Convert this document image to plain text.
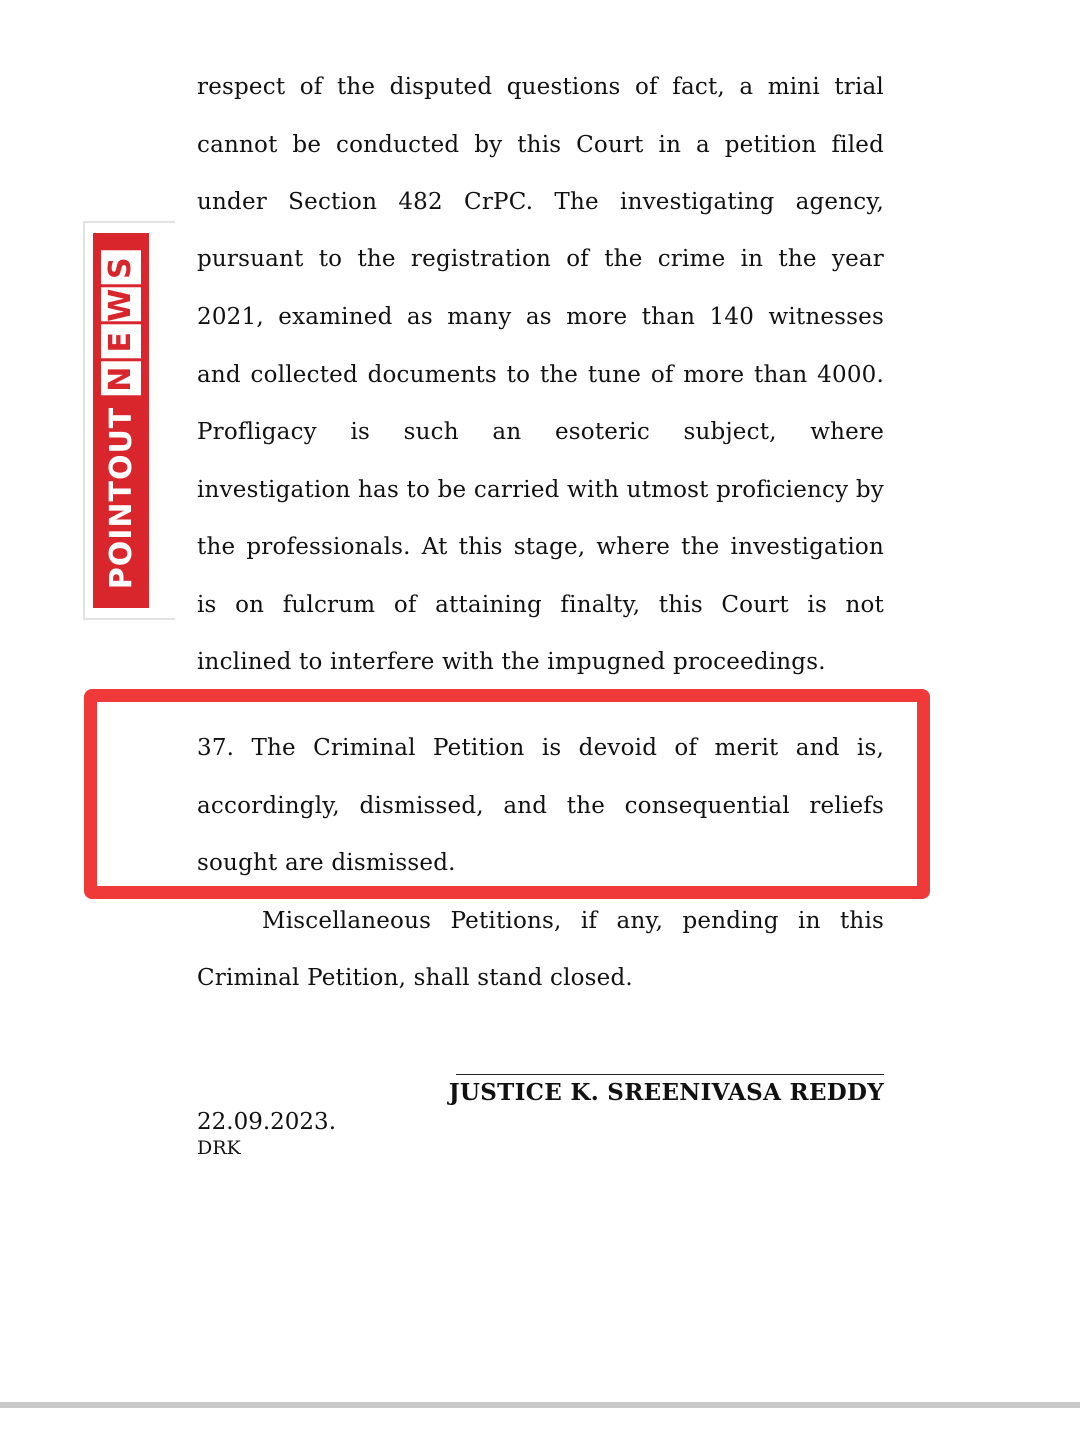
POINTOUT
N
E
W
S
respect of the disputed questions of fact, a mini trial
cannot be conducted by this Court in a petition filed
under Section 482 CrPC. The investigating agency,
pursuant to the registration of the crime in the year
2021, examined as many as more than 140 witnesses
and collected documents to the tune of more than 4000.
Profligacy is such an esoteric subject, where
investigation has to be carried with utmost proficiency by
the professionals. At this stage, where the investigation
is on fulcrum of attaining finalty, this Court is not
inclined to interfere with the impugned proceedings.
37. The Criminal Petition is devoid of merit and is,
accordingly, dismissed, and the consequential reliefs
sought are dismissed.
Miscellaneous Petitions, if any, pending in this
Criminal Petition, shall stand closed.
JUSTICE K. SREENIVASA REDDY
22.09.2023.
DRK
